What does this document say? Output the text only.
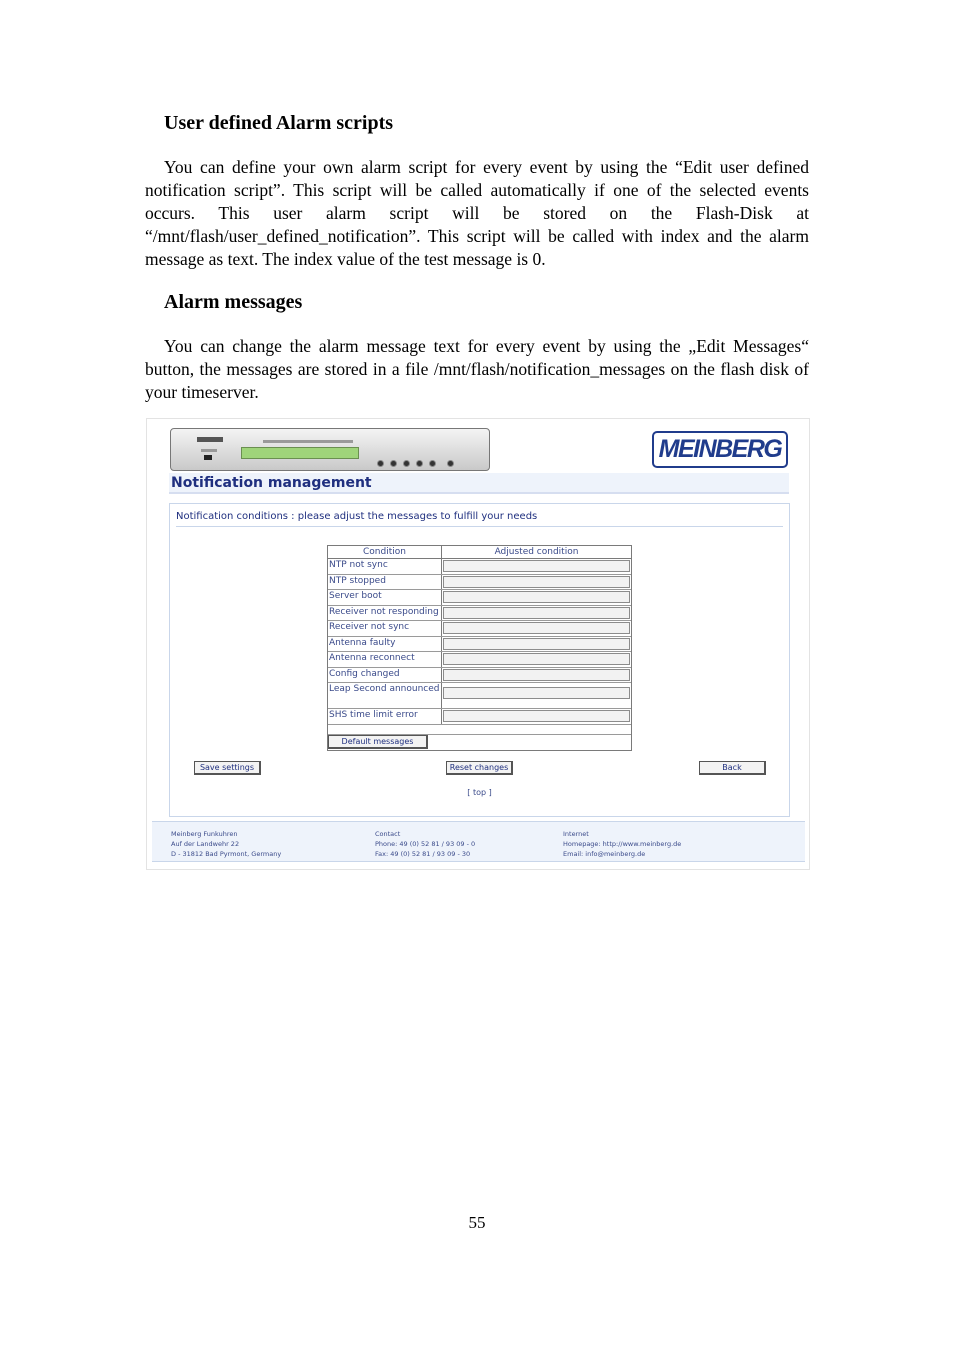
User defined Alarm scripts

You can define your own alarm script for every event by using the “Edit user defined notification script”. This script will be called automatically if one of the selected events occurs. This user alarm script will be stored on the Flash-Disk at “/mnt/flash/user_defined_notification”. This script will be called with index and the alarm message as text. The index value of the test message is 0.

Alarm messages

You can change the alarm message text for every event by using the „Edit Messages“ button, the messages are stored in a file /mnt/flash/notification_messages on the flash disk of your timeserver.

MEINBERG
Notification management
Notification conditions : please adjust the messages to fulfill your needs
Condition	Adjusted condition
NTP not sync
NTP stopped
Server boot
Receiver not responding
Receiver not sync
Antenna faulty
Antenna reconnect
Config changed
Leap Second announced
SHS time limit error
Default messages
Save settings	Reset changes	Back
[ top ]
Meinberg Funkuhren
Auf der Landwehr 22
D - 31812 Bad Pyrmont, Germany
Contact
Phone: 49 (0) 52 81 / 93 09 - 0
Fax: 49 (0) 52 81 / 93 09 - 30
Internet
Homepage: http://www.meinberg.de
Email: info@meinberg.de
55
